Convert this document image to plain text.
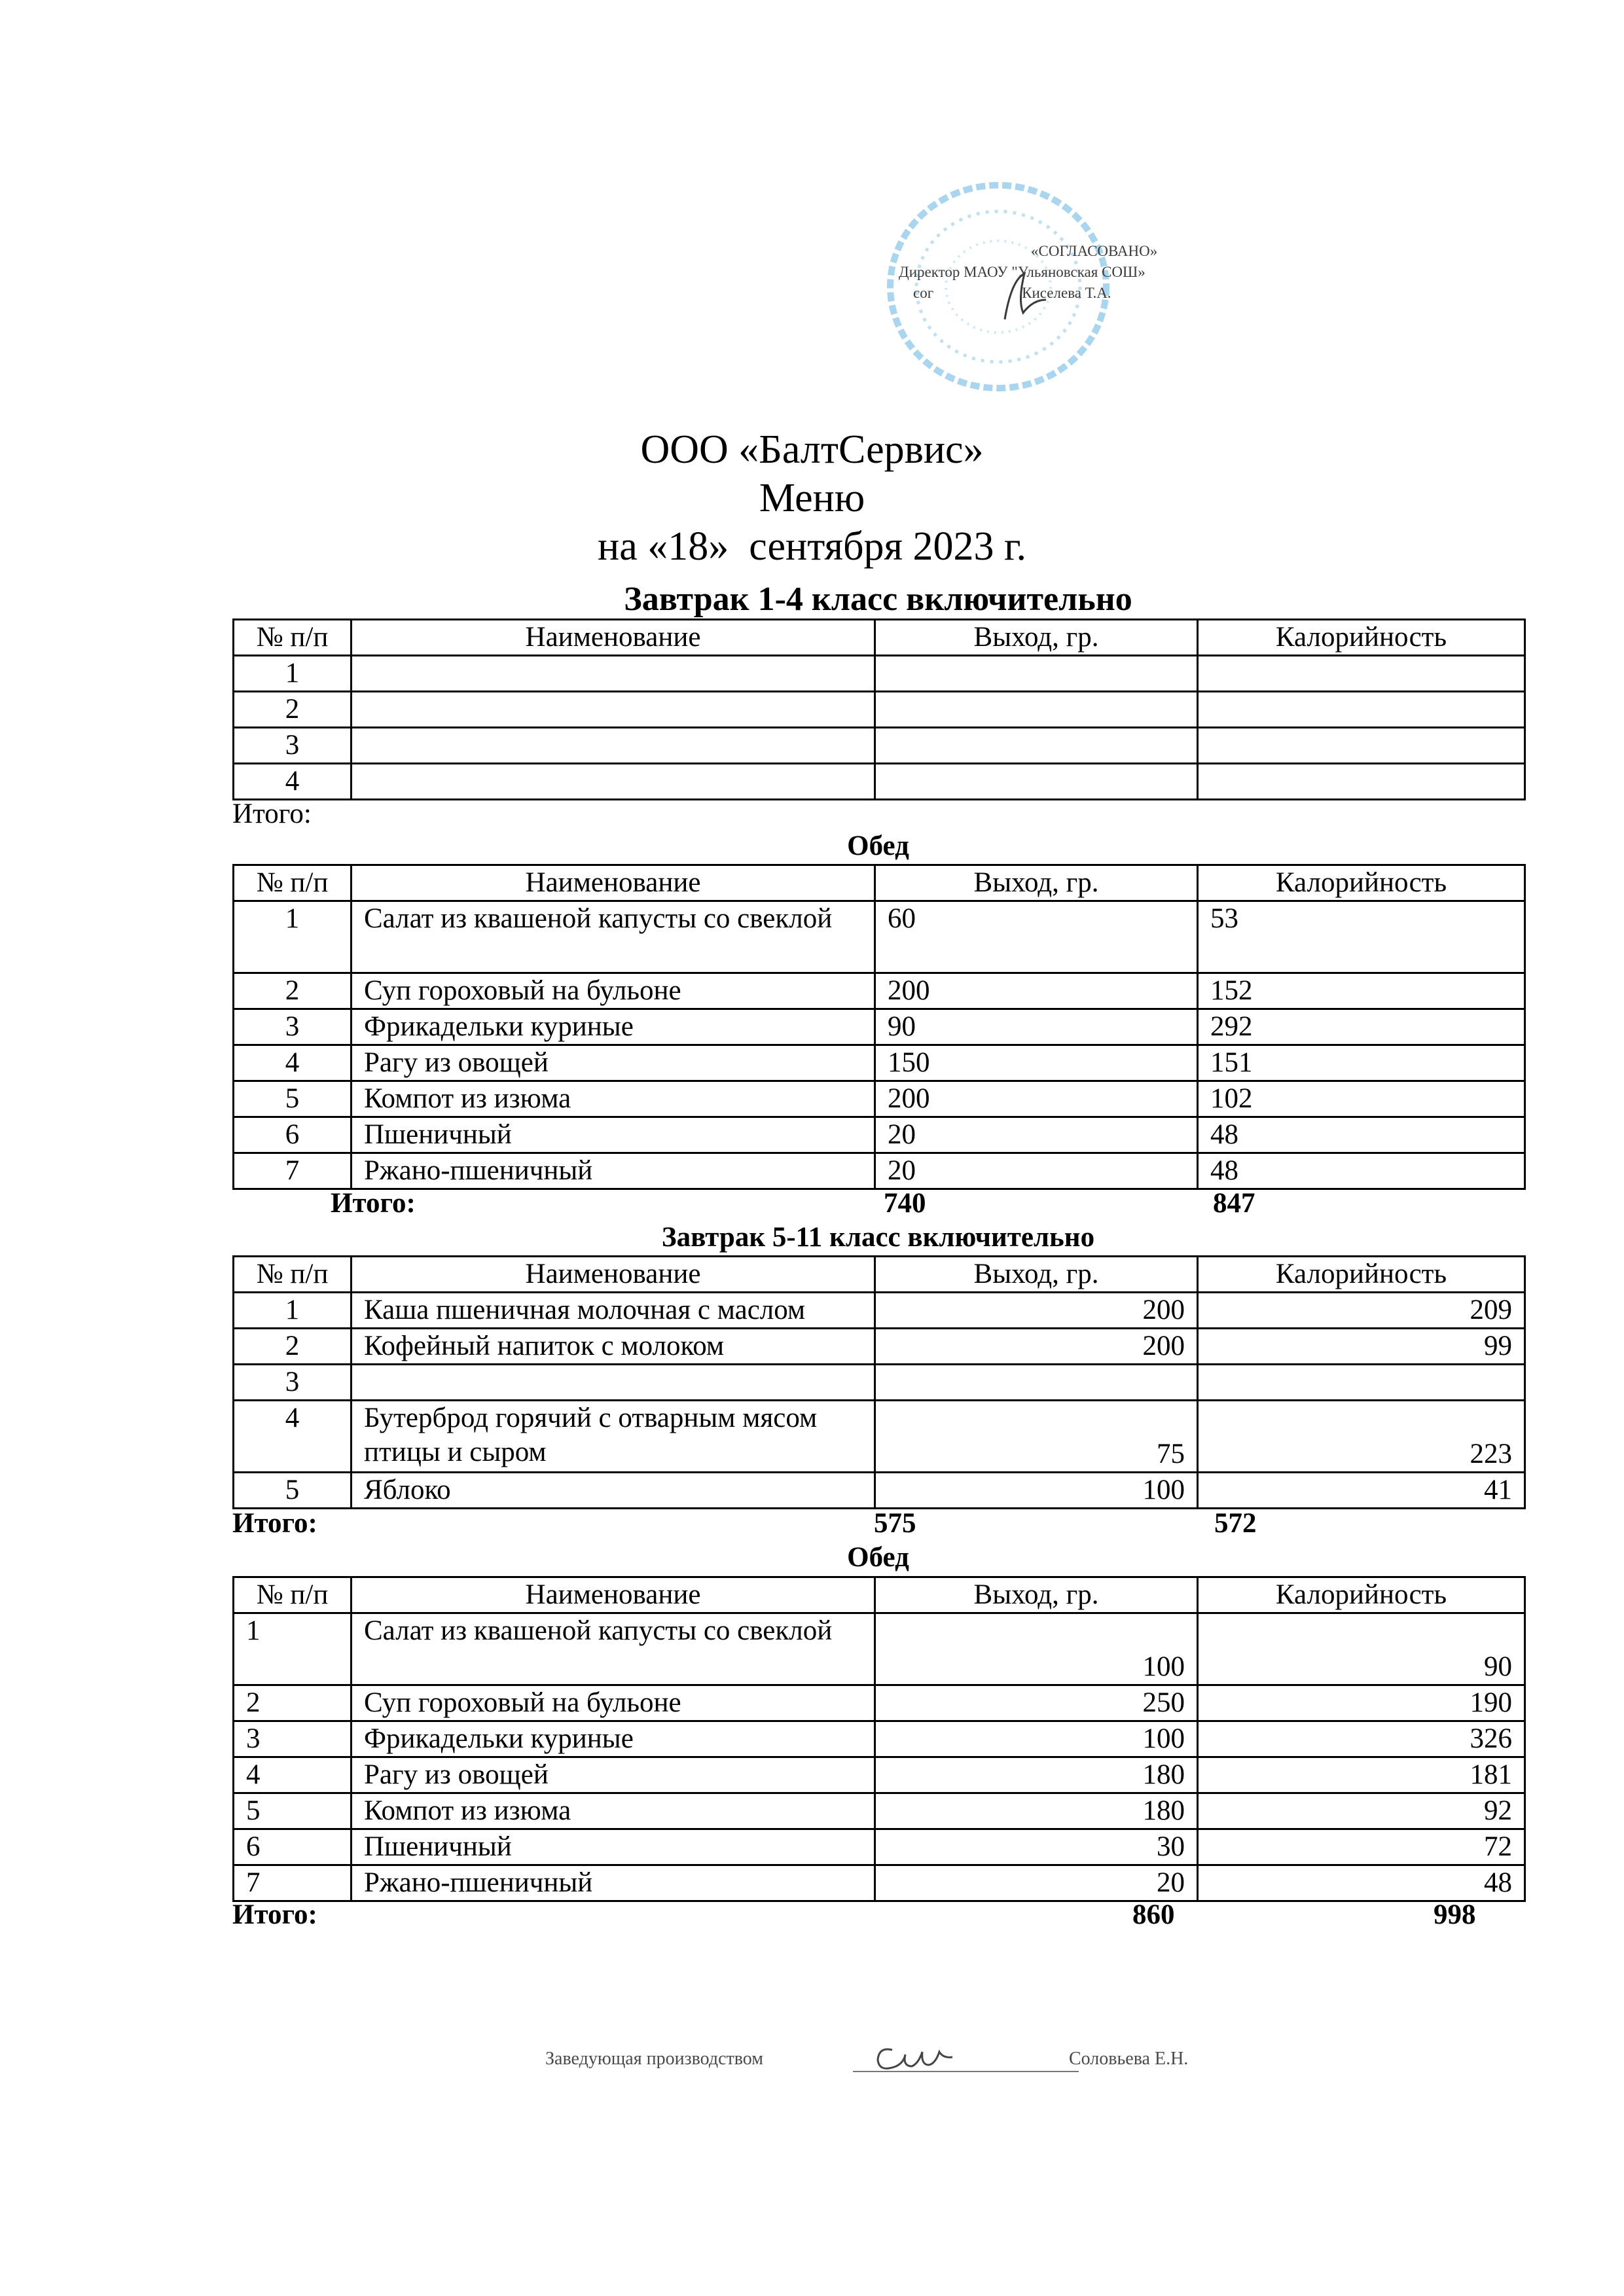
«СОГЛАСОВАНО»
Директор МАОУ "Ульяновская СОШ»
сог	Киселева Т.А.
ООО «БалтСервис»
Меню
на «18»  сентября 2023 г.
Завтрак 1-4 класс включительно
№ п/п	Наименование	Выход, гр.	Калорийность
1			
2			
3			
4			
Итого:
Обед
№ п/п	Наименование	Выход, гр.	Калорийность
1	Салат из квашеной капусты со свеклой	60	53
2	Суп гороховый на бульоне	200	152
3	Фрикадельки куриные	90	292
4	Рагу из овощей	150	151
5	Компот из изюма	200	102
6	Пшеничный	20	48
7	Ржано-пшеничный	20	48
Итого:	740	847
Завтрак 5-11 класс включительно
№ п/п	Наименование	Выход, гр.	Калорийность
1	Каша пшеничная молочная с маслом	200	209
2	Кофейный напиток с молоком	200	99
3			
4	Бутерброд горячий с отварным мясом птицы и сыром	75	223
5	Яблоко	100	41
Итого:	575	572
Обед
№ п/п	Наименование	Выход, гр.	Калорийность
1	Салат из квашеной капусты со свеклой	100	90
2	Суп гороховый на бульоне	250	190
3	Фрикадельки куриные	100	326
4	Рагу из овощей	180	181
5	Компот из изюма	180	92
6	Пшеничный	30	72
7	Ржано-пшеничный	20	48
Итого:	860	998
Заведующая производством	Соловьева Е.Н.
